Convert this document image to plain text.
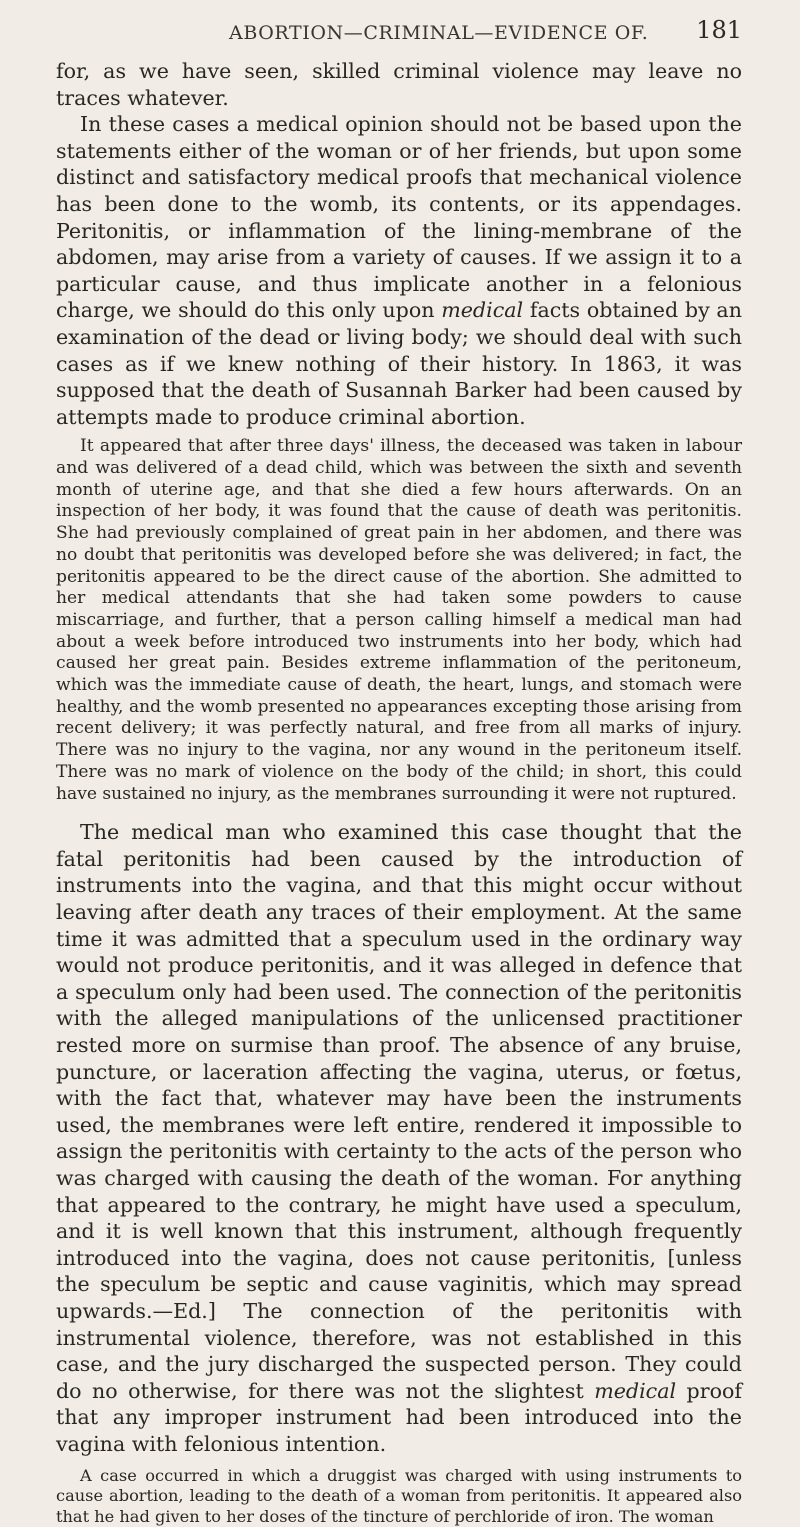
ABORTION—CRIMINAL—EVIDENCE OF. 181

for, as we have seen, skilled criminal violence may leave no traces whatever.

In these cases a medical opinion should not be based upon the statements either of the woman or of her friends, but upon some distinct and satisfactory medical proofs that mechanical violence has been done to the womb, its contents, or its appendages. Peritonitis, or inflammation of the lining-membrane of the abdomen, may arise from a variety of causes. If we assign it to a particular cause, and thus implicate another in a felonious charge, we should do this only upon medical facts obtained by an examination of the dead or living body; we should deal with such cases as if we knew nothing of their history. In 1863, it was supposed that the death of Susannah Barker had been caused by attempts made to produce criminal abortion.

It appeared that after three days' illness, the deceased was taken in labour and was delivered of a dead child, which was between the sixth and seventh month of uterine age, and that she died a few hours afterwards. On an inspection of her body, it was found that the cause of death was peritonitis. She had previously complained of great pain in her abdomen, and there was no doubt that peritonitis was developed before she was delivered; in fact, the peritonitis appeared to be the direct cause of the abortion. She admitted to her medical attendants that she had taken some powders to cause miscarriage, and further, that a person calling himself a medical man had about a week before introduced two instruments into her body, which had caused her great pain. Besides extreme inflammation of the peritoneum, which was the immediate cause of death, the heart, lungs, and stomach were healthy, and the womb presented no appearances excepting those arising from recent delivery; it was perfectly natural, and free from all marks of injury. There was no injury to the vagina, nor any wound in the peritoneum itself. There was no mark of violence on the body of the child; in short, this could have sustained no injury, as the membranes surrounding it were not ruptured.

The medical man who examined this case thought that the fatal peritonitis had been caused by the introduction of instruments into the vagina, and that this might occur without leaving after death any traces of their employment. At the same time it was admitted that a speculum used in the ordinary way would not produce peritonitis, and it was alleged in defence that a speculum only had been used. The connection of the peritonitis with the alleged manipulations of the unlicensed practitioner rested more on surmise than proof. The absence of any bruise, puncture, or laceration affecting the vagina, uterus, or fœtus, with the fact that, whatever may have been the instruments used, the membranes were left entire, rendered it impossible to assign the peritonitis with certainty to the acts of the person who was charged with causing the death of the woman. For anything that appeared to the contrary, he might have used a speculum, and it is well known that this instrument, although frequently introduced into the vagina, does not cause peritonitis, [unless the speculum be septic and cause vaginitis, which may spread upwards.—Ed.] The connection of the peritonitis with instrumental violence, therefore, was not established in this case, and the jury discharged the suspected person. They could do no otherwise, for there was not the slightest medical proof that any improper instrument had been introduced into the vagina with felonious intention.

A case occurred in which a druggist was charged with using instruments to cause abortion, leading to the death of a woman from peritonitis. It appeared also that he had given to her doses of the tincture of perchloride of iron. The woman
